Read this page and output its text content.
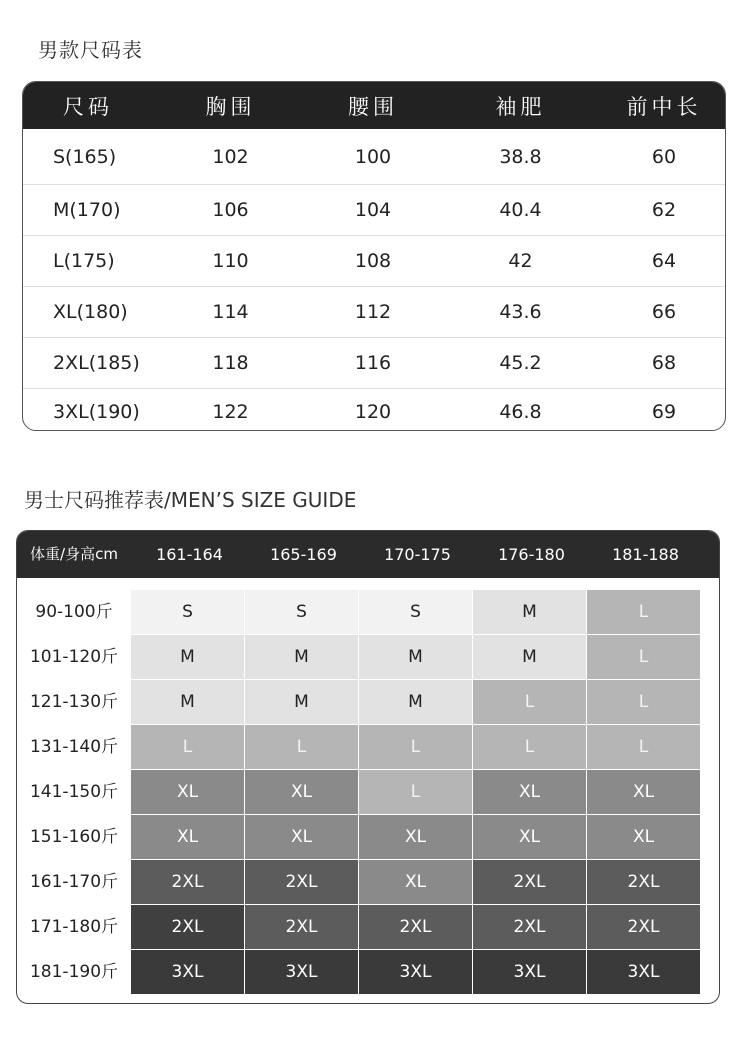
男款尺码表
尺码	胸围	腰围	袖肥	前中长
S(165)	102	100	38.8	60
M(170)	106	104	40.4	62
L(175)	110	108	42	64
XL(180)	114	112	43.6	66
2XL(185)	118	116	45.2	68
3XL(190)	122	120	46.8	69
男士尺码推荐表/MEN’S SIZE GUIDE
体重/身高cm	161-164	165-169	170-175	176-180	181-188
90-100斤	S	S	S	M	L
101-120斤	M	M	M	M	L
121-130斤	M	M	M	L	L
131-140斤	L	L	L	L	L
141-150斤	XL	XL	L	XL	XL
151-160斤	XL	XL	XL	XL	XL
161-170斤	2XL	2XL	XL	2XL	2XL
171-180斤	2XL	2XL	2XL	2XL	2XL
181-190斤	3XL	3XL	3XL	3XL	3XL
